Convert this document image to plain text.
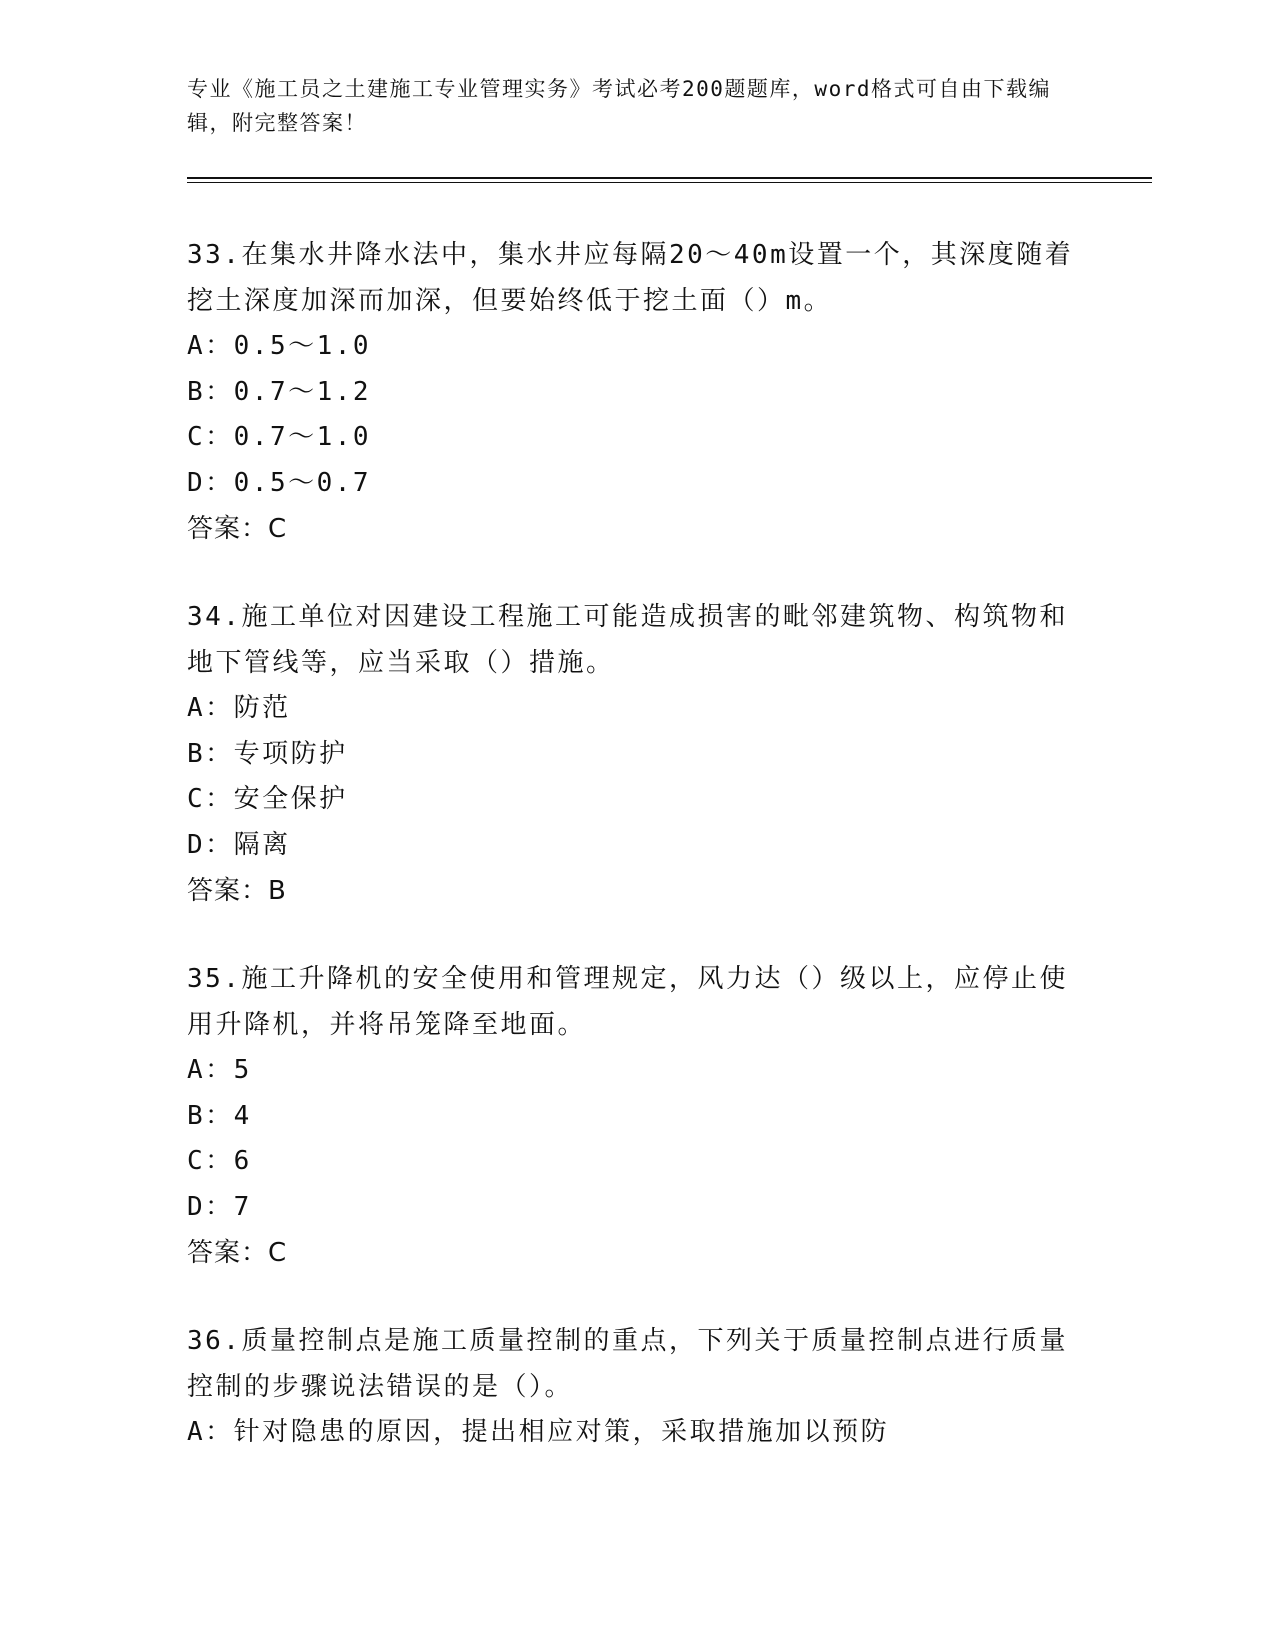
专业《施工员之土建施工专业管理实务》考试必考200题题库，word格式可自由下载编辑，附完整答案！

33.在集水井降水法中，集水井应每隔20～40m设置一个，其深度随着挖土深度加深而加深，但要始终低于挖土面（）m。

A：0.5～1.0

B：0.7～1.2

C：0.7～1.0

D：0.5～0.7

答案：C

34.施工单位对因建设工程施工可能造成损害的毗邻建筑物、构筑物和地下管线等，应当采取（）措施。

A：防范

B：专项防护

C：安全保护

D：隔离

答案：B

35.施工升降机的安全使用和管理规定，风力达（）级以上，应停止使用升降机，并将吊笼降至地面。

A：5

B：4

C：6

D：7

答案：C

36.质量控制点是施工质量控制的重点，下列关于质量控制点进行质量控制的步骤说法错误的是（）。

A：针对隐患的原因，提出相应对策，采取措施加以预防
